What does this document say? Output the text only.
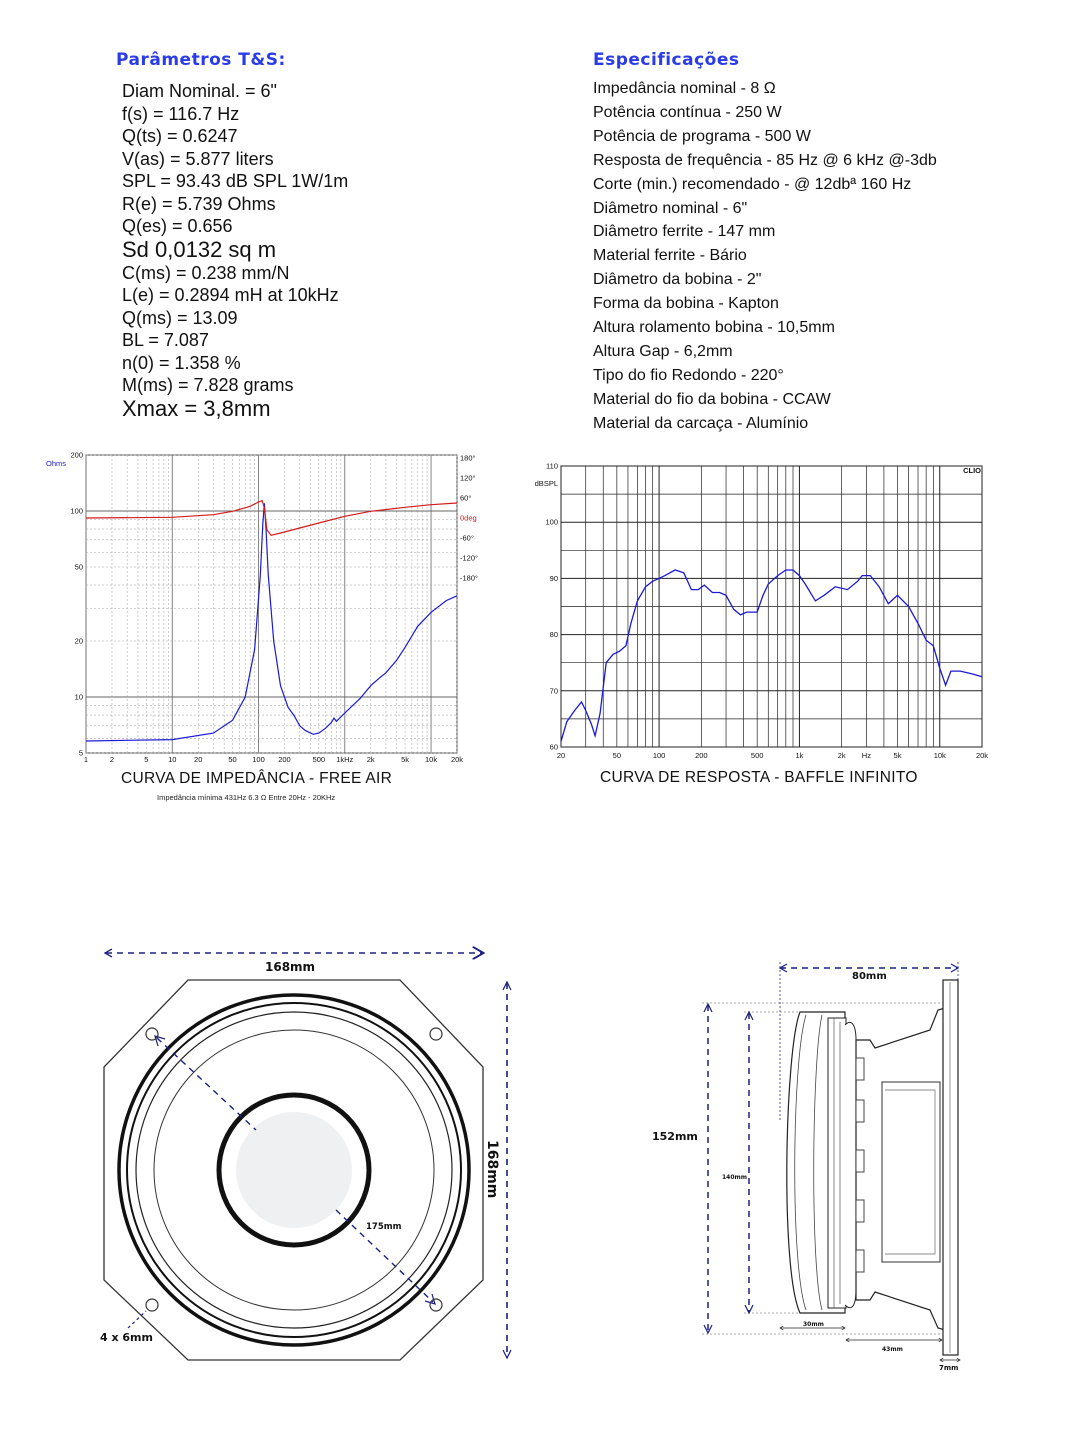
Parâmetros T&S:
Diam Nominal. = 6"
f(s) = 116.7 Hz
Q(ts) = 0.6247
V(as) = 5.877 liters
SPL = 93.43 dB SPL 1W/1m
R(e) = 5.739 Ohms
Q(es) = 0.656
Sd 0,0132 sq m
C(ms) = 0.238 mm/N
L(e) = 0.2894 mH at 10kHz
Q(ms) = 13.09
BL = 7.087
n(0) = 1.358 %
M(ms) = 7.828 grams
Xmax = 3,8mm
Especificações
Impedância nominal - 8 Ω
Potência contínua - 250 W
Potência de programa - 500 W
Resposta de frequência - 85 Hz @ 6 kHz @-3db
Corte (min.) recomendado - @ 12dbª 160 Hz
Diâmetro nominal - 6"
Diâmetro ferrite - 147 mm
Material ferrite - Bário
Diâmetro da bobina - 2"
Forma da bobina - Kapton
Altura rolamento bobina - 10,5mm
Altura Gap - 6,2mm
Tipo do fio Redondo - 220°
Material do fio da bobina - CCAW
Material da carcaça - Alumínio
1	2	5	10 20	50 100 200	500 1kHz 2k	5k 10k 20k
5
10
20
50
100
200
Ohms
180°
120°
60°
0deg
-60°
-120°
-180°
CURVA DE IMPEDÂNCIA - FREE AIR
Impedância mínima 431Hz 6.3 Ω Entre 20Hz - 20KHz
20	50	100	200	500	1k	2k Hz	5k	10k	20k
60
70
80
90
100
110
dBSPL
CLIO
CURVA DE RESPOSTA - BAFFLE INFINITO
168mm
168mm
175mm
4 x 6mm
80mm
152mm
140mm
30mm
43mm
7mm
